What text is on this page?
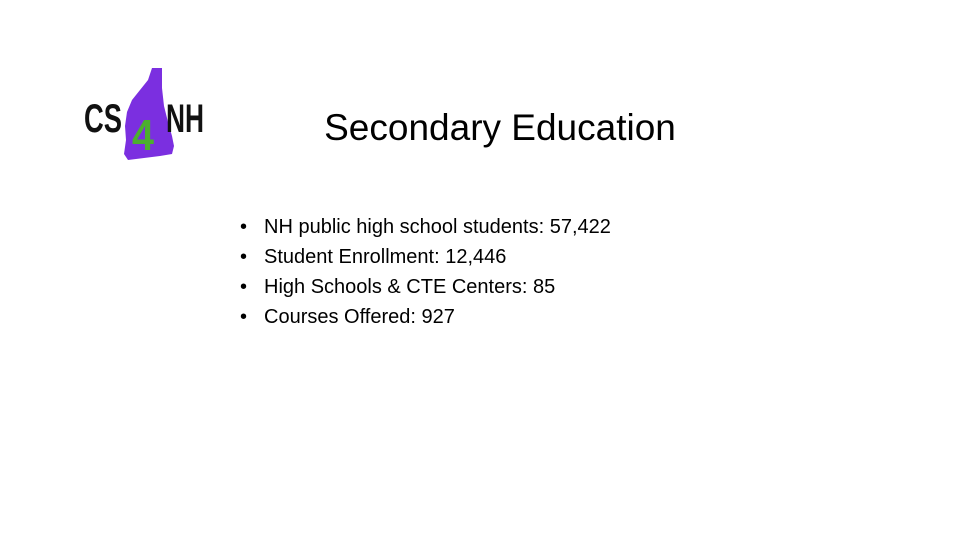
CS 4 NH	Secondary Education
• NH public high school students: 57,422
• Student Enrollment: 12,446
• High Schools & CTE Centers: 85
• Courses Offered: 927
